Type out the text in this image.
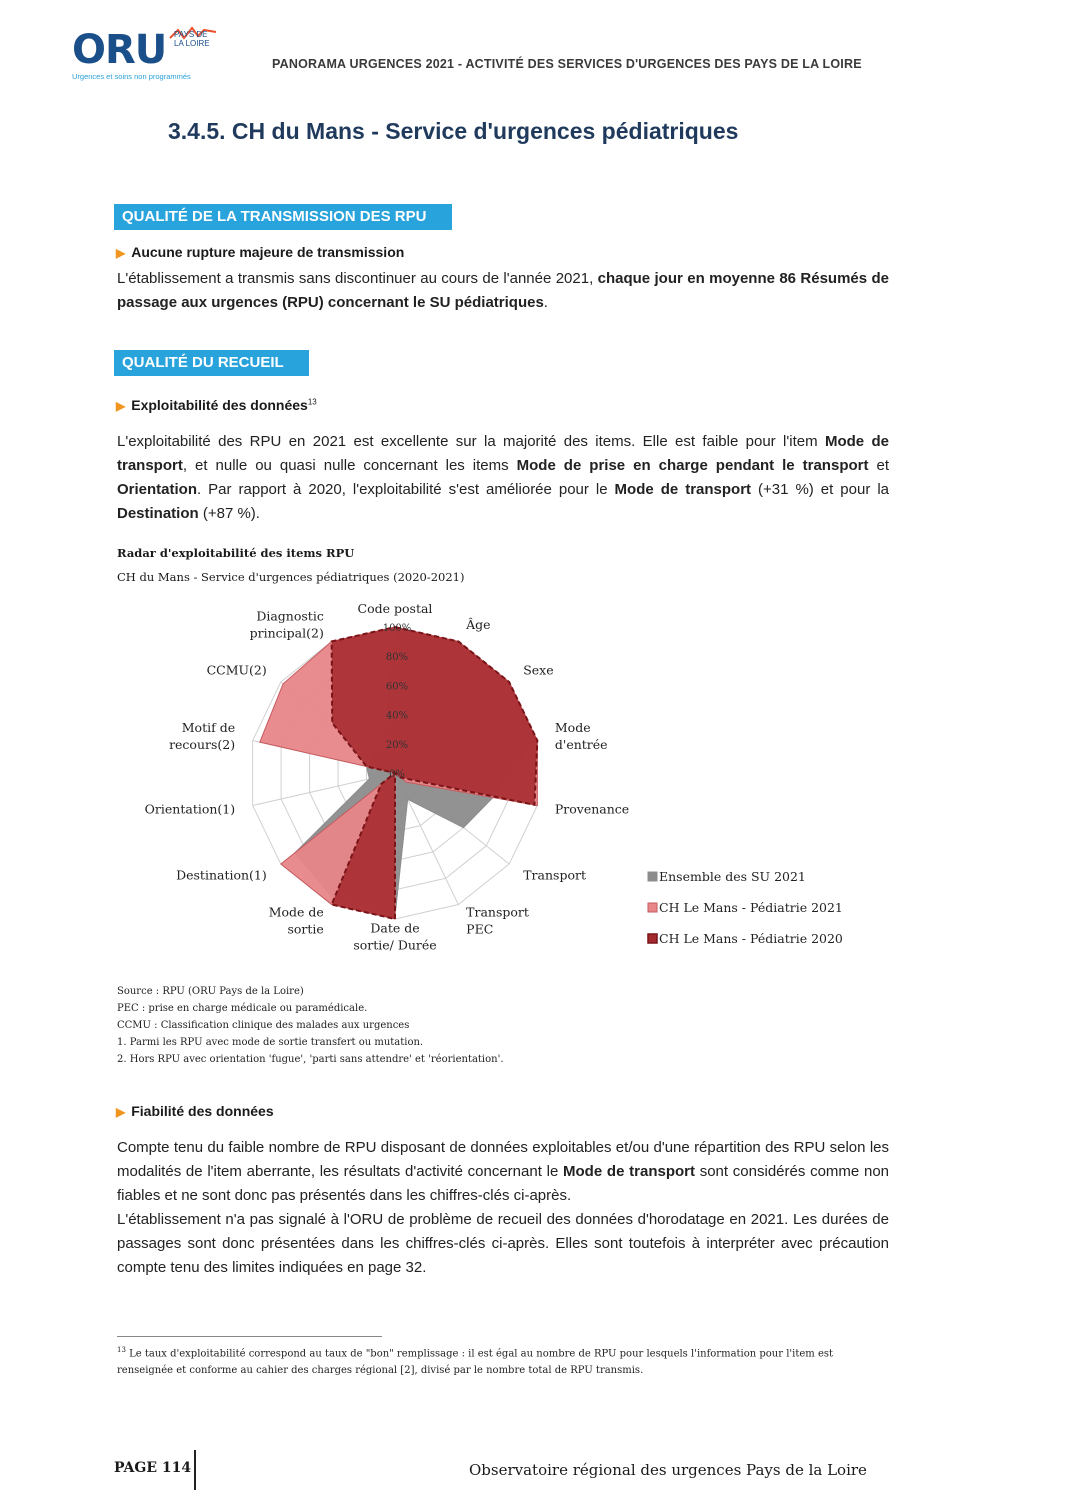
ORU PAYS DE
LA LOIRE
Urgences et soins non programmés
PANORAMA URGENCES 2021 - ACTIVITÉ DES SERVICES D'URGENCES DES PAYS DE LA LOIRE
3.4.5. CH du Mans - Service d'urgences pédiatriques
QUALITÉ DE LA TRANSMISSION DES RPU
▶ Aucune rupture majeure de transmission
L'établissement a transmis sans discontinuer au cours de l'année 2021, chaque jour en moyenne 86 Résumés de passage aux urgences (RPU) concernant le SU pédiatriques.
QUALITÉ DU RECUEIL
▶ Exploitabilité des données$^{13}$
L'exploitabilité des RPU en 2021 est excellente sur la majorité des items. Elle est faible pour l'item Mode de transport, et nulle ou quasi nulle concernant les items Mode de prise en charge pendant le transport et Orientation. Par rapport à 2020, l'exploitabilité s'est améliorée pour le Mode de transport (+31 %) et pour la Destination (+87 %).
Radar d'exploitabilité des items RPU
CH du Mans - Service d'urgences pédiatriques (2020-2021)
0%
20%
40%
60%
80%
100%
Code postal
Âge
Sexe
Mode d'entrée
Provenance
Transport
Transport PEC
Date de sortie/ Durée
Mode de sortie
Destination(1)
Orientation(1)
Motif de recours(2)
CCMU(2)
Diagnostic principal(2)
Ensemble des SU 2021
CH Le Mans - Pédiatrie 2021
CH Le Mans - Pédiatrie 2020
Source : RPU (ORU Pays de la Loire)
PEC : prise en charge médicale ou paramédicale.
CCMU : Classification clinique des malades aux urgences
1. Parmi les RPU avec mode de sortie transfert ou mutation.
2. Hors RPU avec orientation 'fugue', 'parti sans attendre' et 'réorientation'.
▶ Fiabilité des données
Compte tenu du faible nombre de RPU disposant de données exploitables et/ou d'une répartition des RPU selon les modalités de l'item aberrante, les résultats d'activité concernant le Mode de transport sont considérés comme non fiables et ne sont donc pas présentés dans les chiffres-clés ci-après.
L'établissement n'a pas signalé à l'ORU de problème de recueil des données d'horodatage en 2021. Les durées de passages sont donc présentées dans les chiffres-clés ci-après. Elles sont toutefois à interpréter avec précaution compte tenu des limites indiquées en page 32.
$^{13}$ Le taux d'exploitabilité correspond au taux de "bon" remplissage : il est égal au nombre de RPU pour lesquels l'information pour l'item est renseignée et conforme au cahier des charges régional [2], divisé par le nombre total de RPU transmis.
PAGE 114	Observatoire régional des urgences Pays de la Loire
